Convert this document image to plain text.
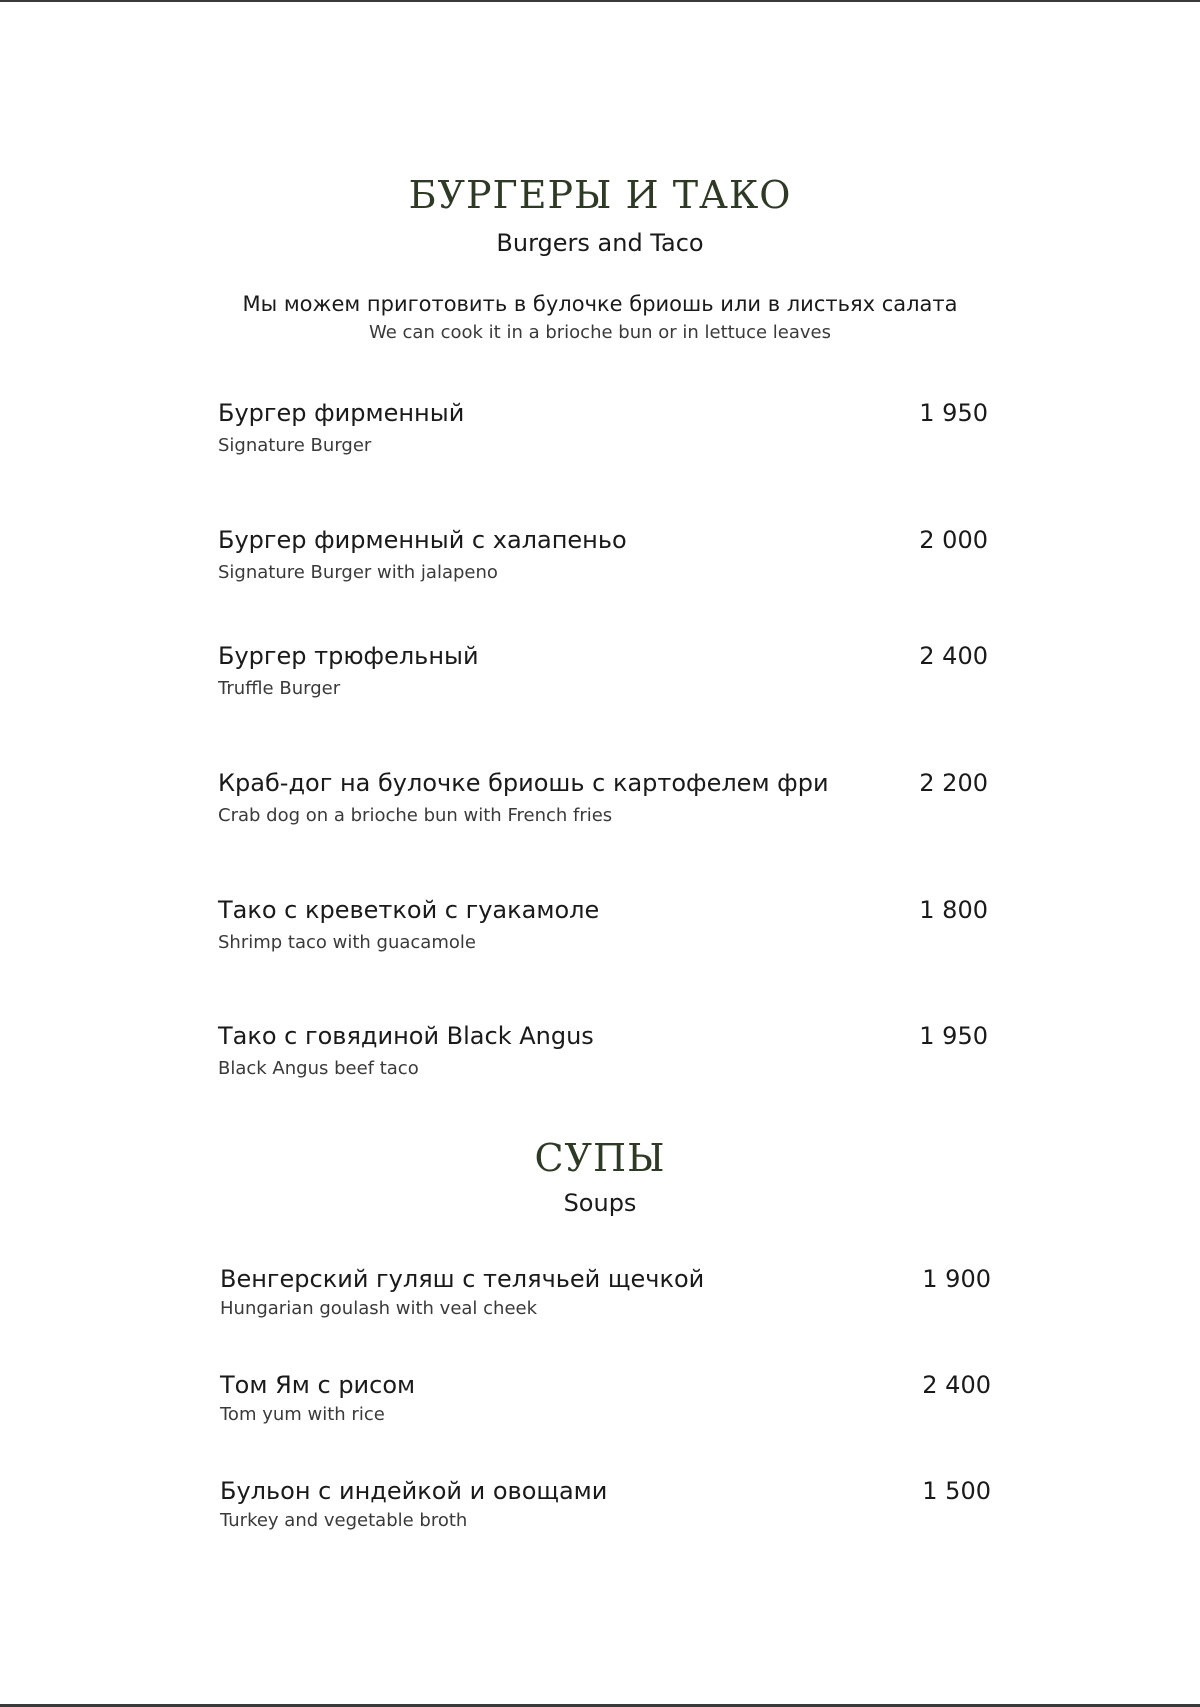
БУРГЕРЫ И ТАКО
Burgers and Taco
Мы можем приготовить в булочке бриошь или в листьях салата
We can cook it in a brioche bun or in lettuce leaves
Бургер фирменный
Signature Burger
1 950
Бургер фирменный с халапеньо
Signature Burger with jalapeno
2 000
Бургер трюфельный
Truffle Burger
2 400
Краб-дог на булочке бриошь с картофелем фри
Crab dog on a brioche bun with French fries
2 200
Тако с креветкой с гуакамоле
Shrimp taco with guacamole
1 800
Тако с говядиной Black Angus
Black Angus beef taco
1 950
СУПЫ
Soups
Венгерский гуляш с телячьей щечкой
Hungarian goulash with veal cheek
1 900
Том Ям с рисом
Tom yum with rice
2 400
Бульон с индейкой и овощами
Turkey and vegetable broth
1 500
